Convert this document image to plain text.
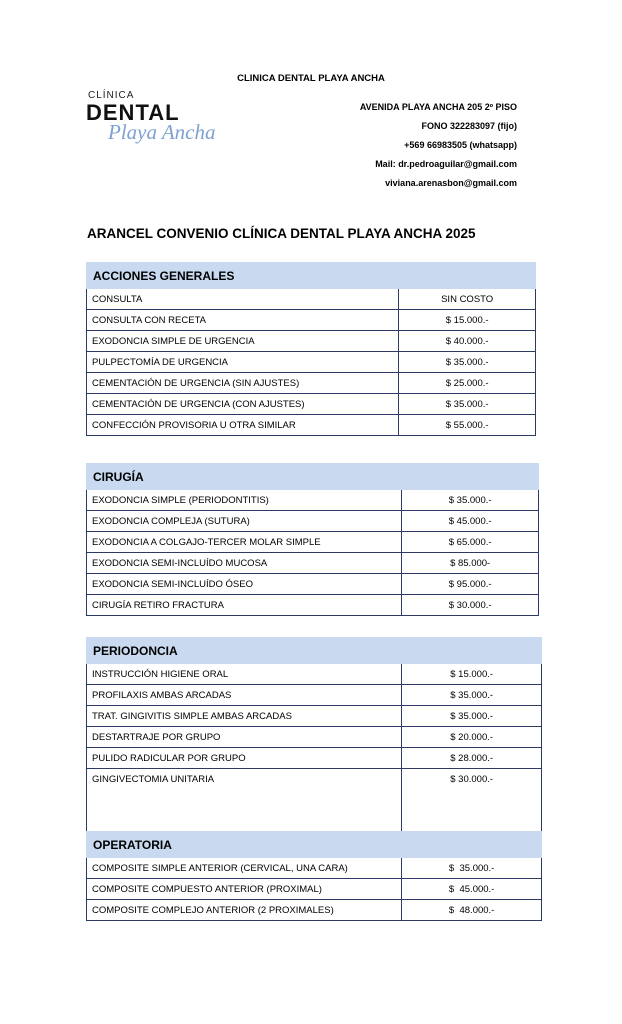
CLINICA DENTAL PLAYA ANCHA
CLÍNICA
DENTAL
Playa Ancha
AVENIDA PLAYA ANCHA 205 2º PISO
FONO 322283097 (fijo)
+569 66983505 (whatsapp)
Mail: dr.pedroaguilar@gmail.com
viviana.arenasbon@gmail.com
ARANCEL CONVENIO CLÍNICA DENTAL PLAYA ANCHA 2025
ACCIONES GENERALES	
CONSULTA	SIN COSTO
CONSULTA CON RECETA	$ 15.000.-
EXODONCIA SIMPLE DE URGENCIA	$ 40.000.-
PULPECTOMÍA DE URGENCIA	$ 35.000.-
CEMENTACIÓN DE URGENCIA (SIN AJUSTES)	$ 25.000.-
CEMENTACIÓN DE URGENCIA (CON AJUSTES)	$ 35.000.-
CONFECCIÓN PROVISORIA U OTRA SIMILAR	$ 55.000.-
CIRUGÍA	
EXODONCIA SIMPLE (PERIODONTITIS)	$ 35.000.-
EXODONCIA COMPLEJA (SUTURA)	$ 45.000.-
EXODONCIA A COLGAJO-TERCER MOLAR SIMPLE	$ 65.000.-
EXODONCIA SEMI-INCLUÍDO MUCOSA	$ 85.000-
EXODONCIA SEMI-INCLUÍDO ÓSEO	$ 95.000.-
CIRUGÍA RETIRO FRACTURA	$ 30.000.-
PERIODONCIA	
INSTRUCCIÓN HIGIENE ORAL	$ 15.000.-
PROFILAXIS AMBAS ARCADAS	$ 35.000.-
TRAT. GINGIVITIS SIMPLE AMBAS ARCADAS	$ 35.000.-
DESTARTRAJE POR GRUPO	$ 20.000.-
PULIDO RADICULAR POR GRUPO	$ 28.000.-
GINGIVECTOMIA UNITARIA	$ 30.000.-
OPERATORIA	
COMPOSITE SIMPLE ANTERIOR (CERVICAL, UNA CARA)	$  35.000.-
COMPOSITE COMPUESTO ANTERIOR (PROXIMAL)	$  45.000.-
COMPOSITE COMPLEJO ANTERIOR (2 PROXIMALES)	$  48.000.-
